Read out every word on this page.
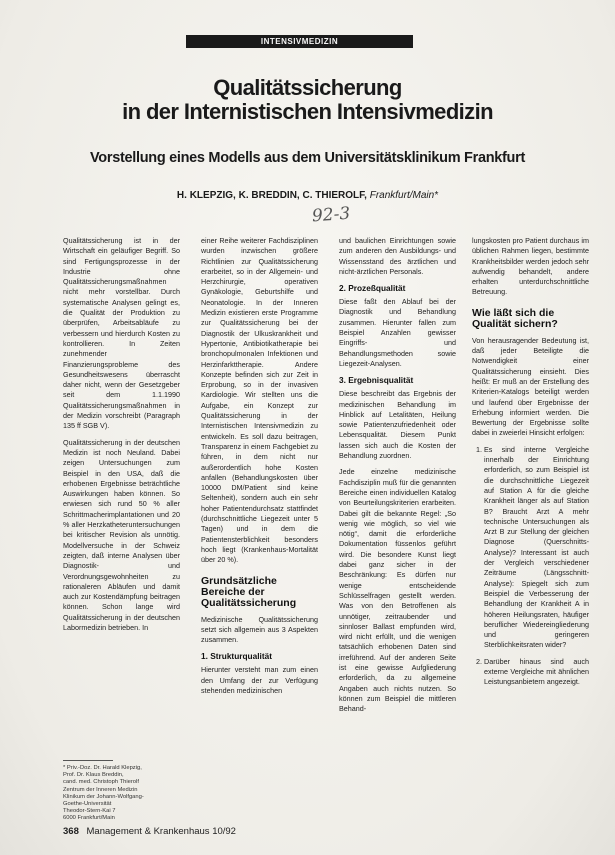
INTENSIVMEDIZIN
Qualitätssicherung
in der Internistischen Intensivmedizin
Vorstellung eines Modells aus dem Universitätsklinikum Frankfurt
H. KLEPZIG, K. BREDDIN, C. THIEROLF, Frankfurt/Main*
92-3

Qualitätssicherung ist in der Wirtschaft ein geläufiger Begriff. So sind Fertigungsprozesse in der Industrie ohne Qualitätssicherungsmaßnahmen nicht mehr vorstellbar. Durch systematische Analysen gelingt es, die Qualität der Produktion zu überprüfen, Arbeitsabläufe zu verbessern und hierdurch Kosten zu kontrollieren. In Zeiten zunehmender Finanzierungsprobleme des Gesundheitswesens überrascht daher nicht, wenn der Gesetzgeber seit dem 1.1.1990 Qualitätssicherungsmaßnahmen in der Medizin vorschreibt (Paragraph 135 ff SGB V).

Qualitätssicherung in der deutschen Medizin ist noch Neuland. Dabei zeigen Untersuchungen zum Beispiel in den USA, daß die erhobenen Ergebnisse beträchtliche Auswirkungen haben können. So erwiesen sich rund 50 % aller Schrittmacherimplantationen und 20 % aller Herzkatheteruntersuchungen bei kritischer Revision als unnötig. Modellversuche in der Schweiz zeigten, daß interne Analysen über Diagnostik- und Verordnungsgewohnheiten zu rationaleren Abläufen und damit auch zur Kostendämpfung beitragen können. Schon lange wird Qualitätssicherung in der deutschen Labormedizin betrieben. In

einer Reihe weiterer Fachdisziplinen wurden inzwischen größere Richtlinien zur Qualitätssicherung erarbeitet, so in der Allgemein- und Herzchirurgie, operativen Gynäkologie, Geburtshilfe und Neonatologie. In der Inneren Medizin existieren erste Programme zur Qualitätssicherung bei der Diagnostik der Ulkuskrankheit und Hypertonie, Antibiotikatherapie bei bronchopulmonalen Infektionen und Herzinfarkttherapie. Andere Konzepte befinden sich zur Zeit in Erprobung, so in der invasiven Kardiologie. Wir stellten uns die Aufgabe, ein Konzept zur Qualitätssicherung in der Internistischen Intensivmedizin zu entwickeln. Es soll dazu beitragen, Transparenz in einem Fachgebiet zu führen, in dem nicht nur außerordentlich hohe Kosten anfallen (Behandlungskosten über 10000 DM/Patient sind keine Seltenheit), sondern auch ein sehr hoher Patientendurchsatz stattfindet (durchschnittliche Liegezeit unter 5 Tagen) und in dem die Patientensterblichkeit besonders hoch liegt (Krankenhaus-Mortalität über 20 %).

Grundsätzliche Bereiche der Qualitätssicherung

Medizinische Qualitätssicherung setzt sich allgemein aus 3 Aspekten zusammen.

1. Strukturqualität

Hierunter versteht man zum einen den Umfang der zur Verfügung stehenden medizinischen

und baulichen Einrichtungen sowie zum anderen den Ausbildungs- und Wissensstand des ärztlichen und nicht-ärztlichen Personals.

2. Prozeßqualität

Diese faßt den Ablauf bei der Diagnostik und Behandlung zusammen. Hierunter fallen zum Beispiel Anzahlen gewisser Eingriffs- und Behandlungsmethoden sowie Liegezeit-Analysen.

3. Ergebnisqualität

Diese beschreibt das Ergebnis der medizinischen Behandlung im Hinblick auf Letalitäten, Heilung sowie Patientenzufriedenheit oder Lebensqualität. Diesem Punkt lassen sich auch die Kosten der Behandlung zuordnen.

Jede einzelne medizinische Fachdisziplin muß für die genannten Bereiche einen individuellen Katalog von Beurteilungskriterien erarbeiten. Dabei gilt die bekannte Regel: „So wenig wie möglich, so viel wie nötig“, damit die erforderliche Dokumentation füssenlos geführt wird. Die besondere Kunst liegt dabei ganz sicher in der Beschränkung: Es dürfen nur wenige entscheidende Schlüsselfragen gestellt werden. Was von den Betroffenen als unnötiger, zeitraubender und sinnloser Ballast empfunden wird, wird nicht erfüllt, und die wenigen tatsächlich erhobenen Daten sind irreführend. Auf der anderen Seite ist eine gewisse Aufgliederung erforderlich, da zu allgemeine Angaben auch nichts nutzen. So können zum Beispiel die mittleren Behand-

lungskosten pro Patient durchaus im üblichen Rahmen liegen, bestimmte Krankheitsbilder werden jedoch sehr aufwendig behandelt, andere erhalten unterdurchschnittliche Betreuung.

Wie läßt sich die Qualität sichern?

Von herausragender Bedeutung ist, daß jeder Beteiligte die Notwendigkeit einer Qualitätssicherung einsieht. Dies heißt: Er muß an der Erstellung des Kriterien-Katalogs beteiligt werden und laufend über Ergebnisse der Erhebung informiert werden. Die Bewertung der Ergebnisse sollte dabei in zweierlei Hinsicht erfolgen:

1. Es sind interne Vergleiche innerhalb der Einrichtung erforderlich, so zum Beispiel ist die durchschnittliche Liegezeit auf Station A für die gleiche Krankheit länger als auf Station B? Braucht Arzt A mehr technische Untersuchungen als Arzt B zur Stellung der gleichen Diagnose (Querschnitts-Analyse)? Interessant ist auch der Vergleich verschiedener Zeiträume (Längsschnitt-Analyse): Spiegelt sich zum Beispiel die Verbesserung der Behandlung der Krankheit A in höheren Heilungsraten, häufiger beruflicher Wiedereingliederung und geringeren Sterblichkeitsraten wider?
2. Darüber hinaus sind auch externe Vergleiche mit ähnlichen Leistungsanbietern angezeigt.
* Priv.-Doz. Dr. Harald Klepzig,
Prof. Dr. Klaus Breddin,
cand. med. Christoph Thierolf
Zentrum der Inneren Medizin
Klinikum der Johann-Wolfgang-
Goethe-Universität
Theodor-Stern-Kai 7
6000 Frankfurt/Main
368 Management & Krankenhaus 10/92
